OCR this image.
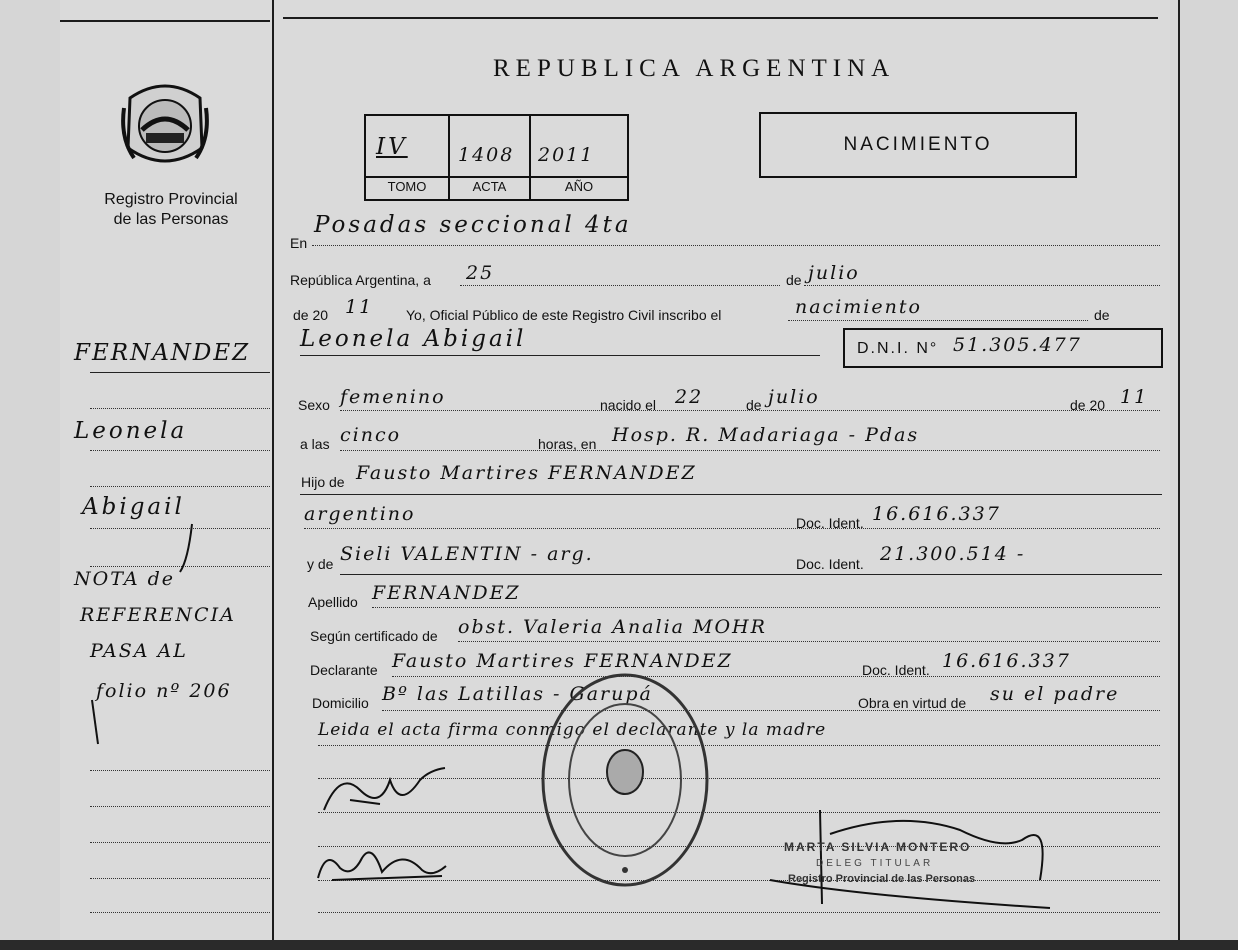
Registro Provincial
de las Personas
REPUBLICA ARGENTINA
IV	1408 2011
TOMO	ACTA	AÑO
NACIMIENTO
En
Posadas seccional 4ta
República Argentina, a 25	de julio
de 20 11 Yo, Oficial Público de este Registro Civil inscribo el	nacimiento	de
Leonela Abigail	D.N.I. N° 51.305.477
Sexo femenino	nacido el 22	de julio	de 20 11
a las cinco	horas, en Hosp. R. Madariaga - Pdas
Hijo de Fausto Martires FERNANDEZ
argentino	Doc. Ident. 16.616.337
y de Sieli VALENTIN - arg.	Doc. Ident. 21.300.514 -
Apellido FERNANDEZ
Según certificado de obst. Valeria Analia MOHR
Declarante Fausto Martires FERNANDEZ	Doc. Ident. 16.616.337
Domicilio Bº las Latillas - Garupá	Obra en virtud de su el padre
Leida el acta firma conmigo el declarante y la madre
FERNANDEZ
Leonela
Abigail
NOTA de
REFERENCIA
PASA AL
folio nº 206
MARTA SILVIA MONTERO
DELEG TITULAR
Registro Provincial de las Personas
